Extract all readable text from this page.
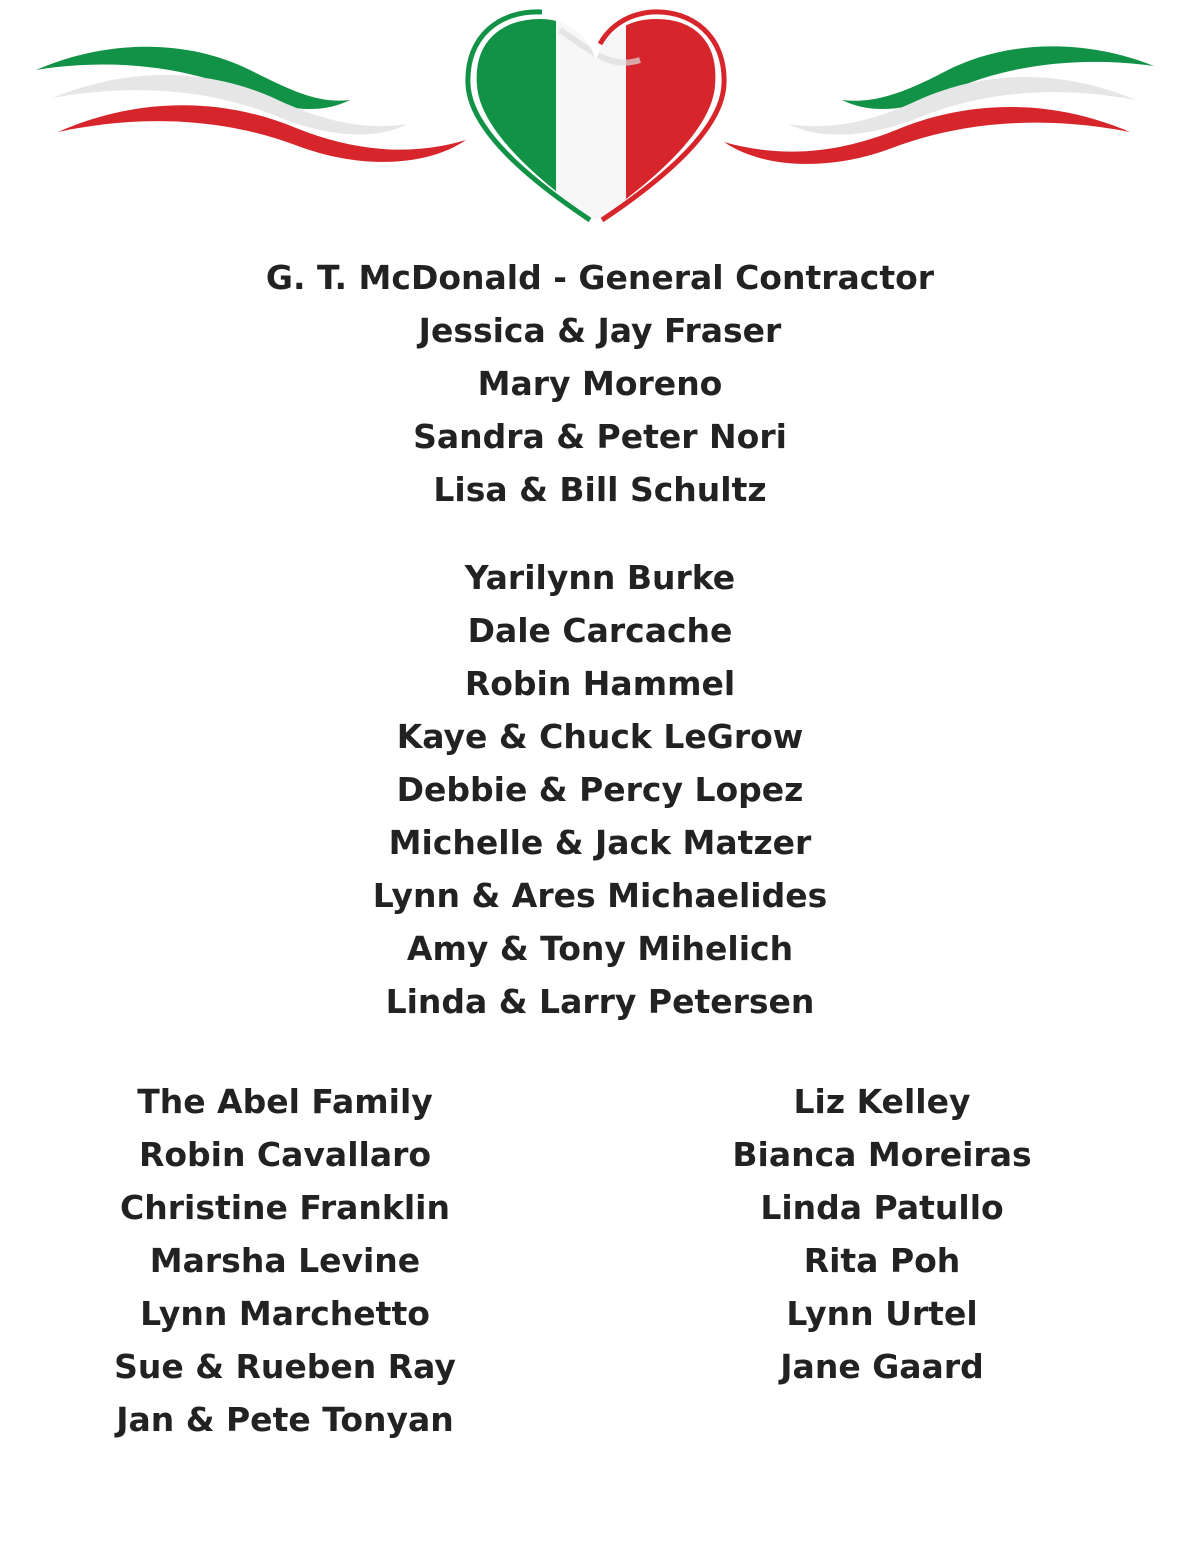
G. T. McDonald - General Contractor
Jessica & Jay Fraser
Mary Moreno
Sandra & Peter Nori
Lisa & Bill Schultz
Yarilynn Burke
Dale Carcache
Robin Hammel
Kaye & Chuck LeGrow
Debbie & Percy Lopez
Michelle & Jack Matzer
Lynn & Ares Michaelides
Amy & Tony Mihelich
Linda & Larry Petersen
The Abel Family
Robin Cavallaro
Christine Franklin
Marsha Levine
Lynn Marchetto
Sue & Rueben Ray
Jan & Pete Tonyan
Liz Kelley
Bianca Moreiras
Linda Patullo
Rita Poh
Lynn Urtel
Jane Gaard
